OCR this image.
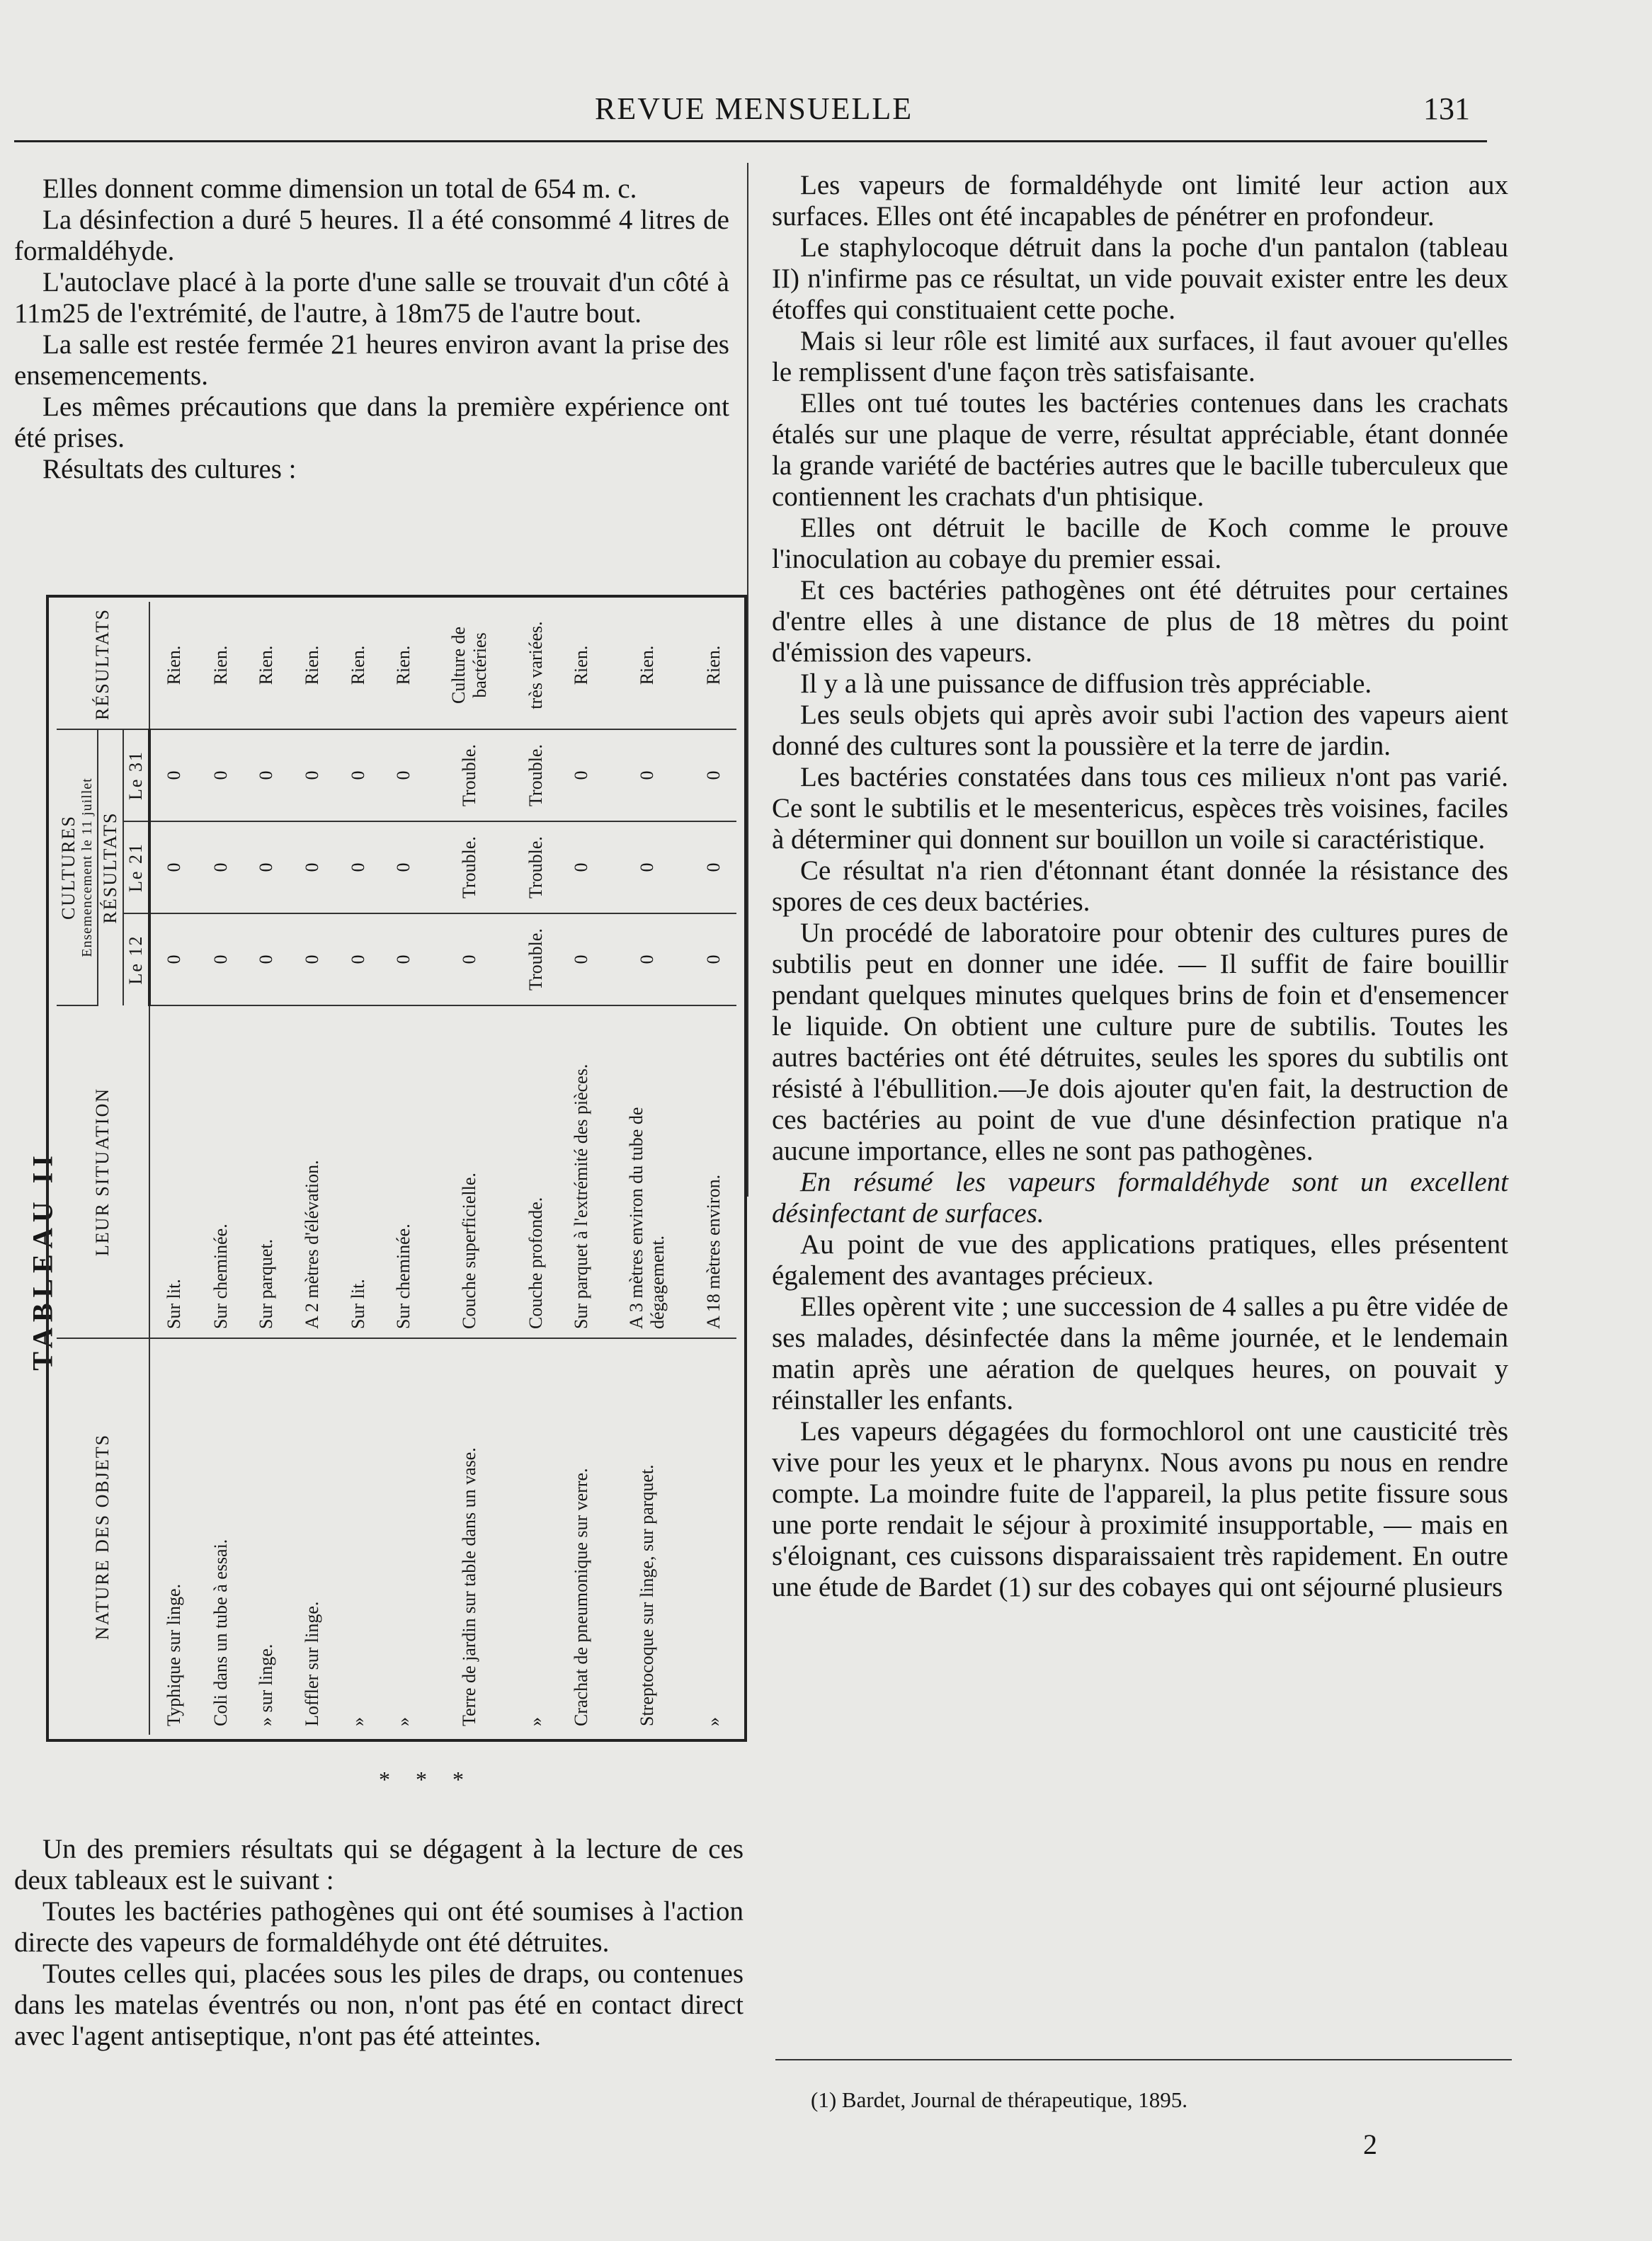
REVUE MENSUELLE	131

Elles donnent comme dimension un total de 654 m. c.

La désinfection a duré 5 heures. Il a été consommé 4 litres de formaldéhyde.

L'autoclave placé à la porte d'une salle se trouvait d'un côté à 11m25 de l'extrémité, de l'autre, à 18m75 de l'autre bout.

La salle est restée fermée 21 heures environ avant la prise des ensemencements.

Les mêmes précautions que dans la première expérience ont été prises.

Résultats des cultures :

TABLEAU II
NATURE DES OBJETS	LEUR SITUATION	CULTURES Ensemencement le 11 juillet			RÉSULTATS
		RÉSULTATS			
		Le 12	Le 21	Le 31	
Typhique sur linge.	Sur lit.	0	0	0	Rien.
Coli dans un tube à essai.	Sur cheminée.	0	0	0	Rien.
» sur linge.	Sur parquet.	0	0	0	Rien.
Loffler sur linge.	A 2 mètres d'élévation.	0	0	0	Rien.
»	Sur lit.	0	0	0	Rien.
»	Sur cheminée.	0	0	0	Rien.
Terre de jardin sur table dans un vase.	Couche superficielle.	0	Trouble.	Trouble.	Culture de bactéries
»	Couche profonde.	Trouble.	Trouble.	Trouble.	très variées.
Crachat de pneumonique sur verre.	Sur parquet à l'extrémité des pièces.	0	0	0	Rien.
Streptocoque sur linge, sur parquet.	A 3 mètres environ du tube de dégagement.	0	0	0	Rien.
»	A 18 mètres environ.	0	0	0	Rien.
* * *

Un des premiers résultats qui se dégagent à la lecture de ces deux tableaux est le suivant :

Toutes les bactéries pathogènes qui ont été soumises à l'action directe des vapeurs de formaldéhyde ont été détruites.

Toutes celles qui, placées sous les piles de draps, ou contenues dans les matelas éventrés ou non, n'ont pas été en contact direct avec l'agent antiseptique, n'ont pas été atteintes.

Les vapeurs de formaldéhyde ont limité leur action aux surfaces. Elles ont été incapables de pénétrer en profondeur.

Le staphylocoque détruit dans la poche d'un pantalon (tableau II) n'infirme pas ce résultat, un vide pouvait exister entre les deux étoffes qui constituaient cette poche.

Mais si leur rôle est limité aux surfaces, il faut avouer qu'elles le remplissent d'une façon très satisfaisante.

Elles ont tué toutes les bactéries contenues dans les crachats étalés sur une plaque de verre, résultat appréciable, étant donnée la grande variété de bactéries autres que le bacille tuberculeux que contiennent les crachats d'un phtisique.

Elles ont détruit le bacille de Koch comme le prouve l'inoculation au cobaye du premier essai.

Et ces bactéries pathogènes ont été détruites pour certaines d'entre elles à une distance de plus de 18 mètres du point d'émission des vapeurs.

Il y a là une puissance de diffusion très appréciable.

Les seuls objets qui après avoir subi l'action des vapeurs aient donné des cultures sont la poussière et la terre de jardin.

Les bactéries constatées dans tous ces milieux n'ont pas varié. Ce sont le subtilis et le mesentericus, espèces très voisines, faciles à déterminer qui donnent sur bouillon un voile si caractéristique.

Ce résultat n'a rien d'étonnant étant donnée la résistance des spores de ces deux bactéries.

Un procédé de laboratoire pour obtenir des cultures pures de subtilis peut en donner une idée. — Il suffit de faire bouillir pendant quelques minutes quelques brins de foin et d'ensemencer le liquide. On obtient une culture pure de subtilis. Toutes les autres bactéries ont été détruites, seules les spores du subtilis ont résisté à l'ébullition.—Je dois ajouter qu'en fait, la destruction de ces bactéries au point de vue d'une désinfection pratique n'a aucune importance, elles ne sont pas pathogènes.

En résumé les vapeurs formaldéhyde sont un excellent désinfectant de surfaces.

Au point de vue des applications pratiques, elles présentent également des avantages précieux.

Elles opèrent vite ; une succession de 4 salles a pu être vidée de ses malades, désinfectée dans la même journée, et le lendemain matin après une aération de quelques heures, on pouvait y réinstaller les enfants.

Les vapeurs dégagées du formochlorol ont une causticité très vive pour les yeux et le pharynx. Nous avons pu nous en rendre compte. La moindre fuite de l'appareil, la plus petite fissure sous une porte rendait le séjour à proximité insupportable, — mais en s'éloignant, ces cuissons disparaissaient très rapidement. En outre une étude de Bardet (1) sur des cobayes qui ont séjourné plusieurs

(1) Bardet, Journal de thérapeutique, 1895.
2
